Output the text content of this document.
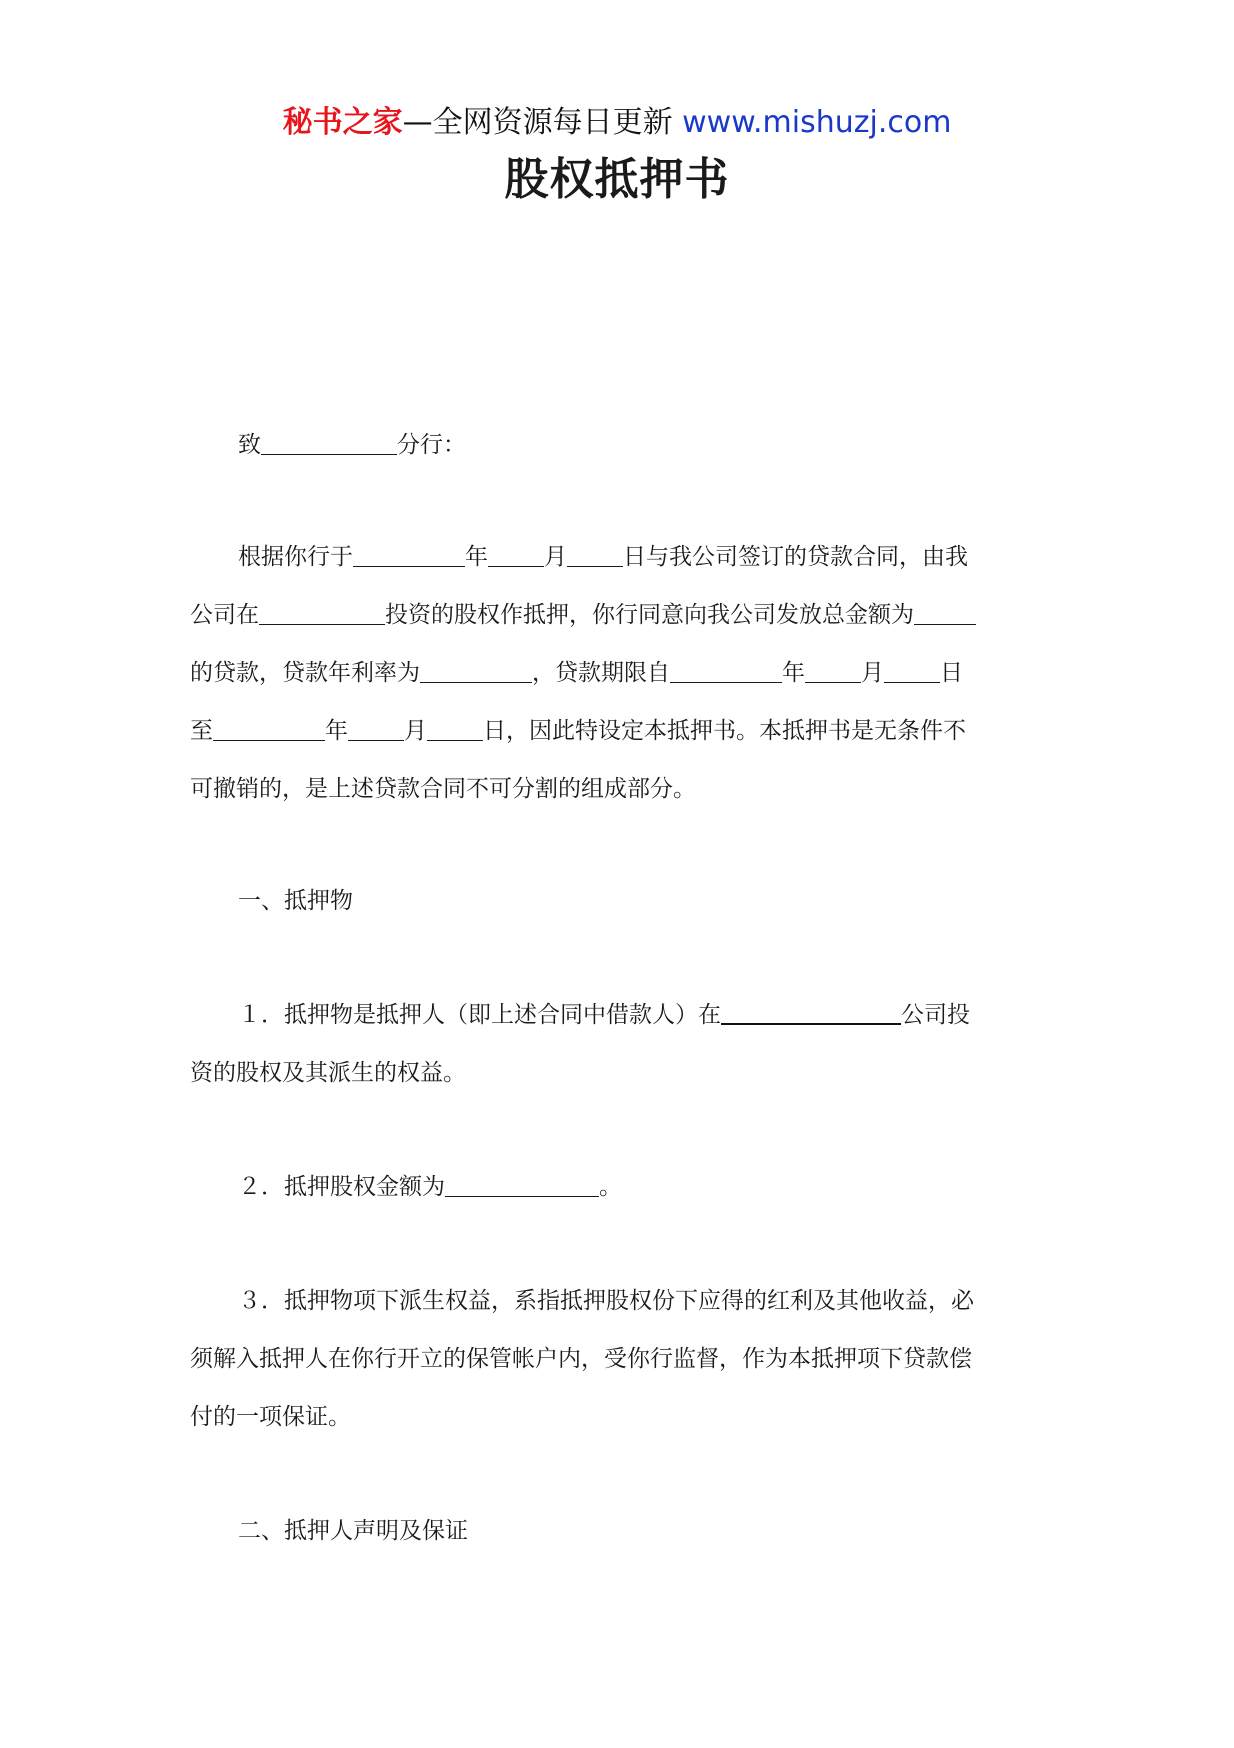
秘书之家—全网资源每日更新 www.mishuzj.com
股权抵押书

致	分行：

根据你行于	年 月 日与我公司签订的贷款合同，由我
公司在	投资的股权作抵押，你行同意向我公司发放总金额为
的贷款，贷款年利率为	，贷款期限自	年 月 日
至	年 月 日，因此特设定本抵押书。本抵押书是无条件不
可撤销的，是上述贷款合同不可分割的组成部分。

一、抵押物

１．抵押物是抵押人（即上述合同中借款人）在	公司投
资的股权及其派生的权益。

２．抵押股权金额为	。

３．抵押物项下派生权益，系指抵押股权份下应得的红利及其他收益，必
须解入抵押人在你行开立的保管帐户内，受你行监督，作为本抵押项下贷款偿
付的一项保证。

二、抵押人声明及保证
